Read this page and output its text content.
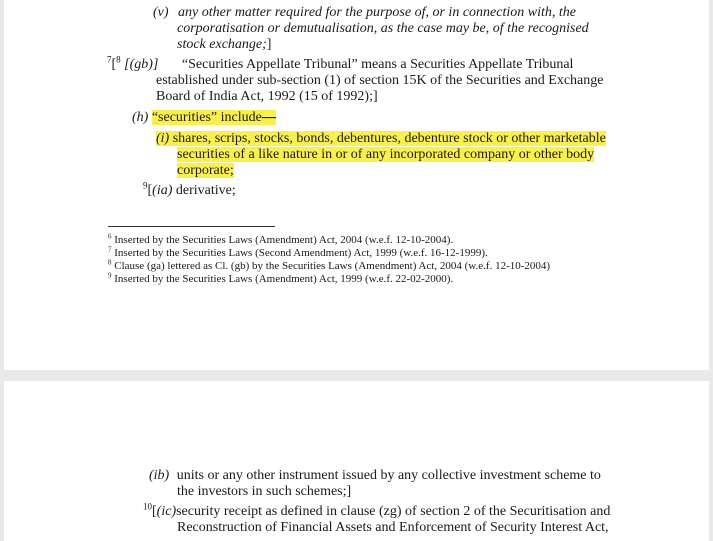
(v) any other matter required for the purpose of, or in connection with, the
corporatisation or demutualisation, as the case may be, of the recognised
stock exchange;]
$^7$[$^8$ [(gb)] “Securities Appellate Tribunal” means a Securities Appellate Tribunal
established under sub-section (1) of section 15K of the Securities and Exchange
Board of India Act, 1992 (15 of 1992);]
(h) “securities” include—
(i) shares, scrips, stocks, bonds, debentures, debenture stock or other marketable
securities of a like nature in or of any incorporated company or other body
corporate;
$^9$[(ia) derivative;
$^6$ Inserted by the Securities Laws (Amendment) Act, 2004 (w.e.f. 12-10-2004).
$^7$ Inserted by the Securities Laws (Second Amendment) Act, 1999 (w.e.f. 16-12-1999).
$^8$ Clause (ga) lettered as Cl. (gb) by the Securities Laws (Amendment) Act, 2004 (w.e.f. 12-10-2004)
$^9$ Inserted by the Securities Laws (Amendment) Act, 1999 (w.e.f. 22-02-2000).
(ib) units or any other instrument issued by any collective investment scheme to
the investors in such schemes;]
$^{10}$[(ic)security receipt as defined in clause (zg) of section 2 of the Securitisation and
Reconstruction of Financial Assets and Enforcement of Security Interest Act,
